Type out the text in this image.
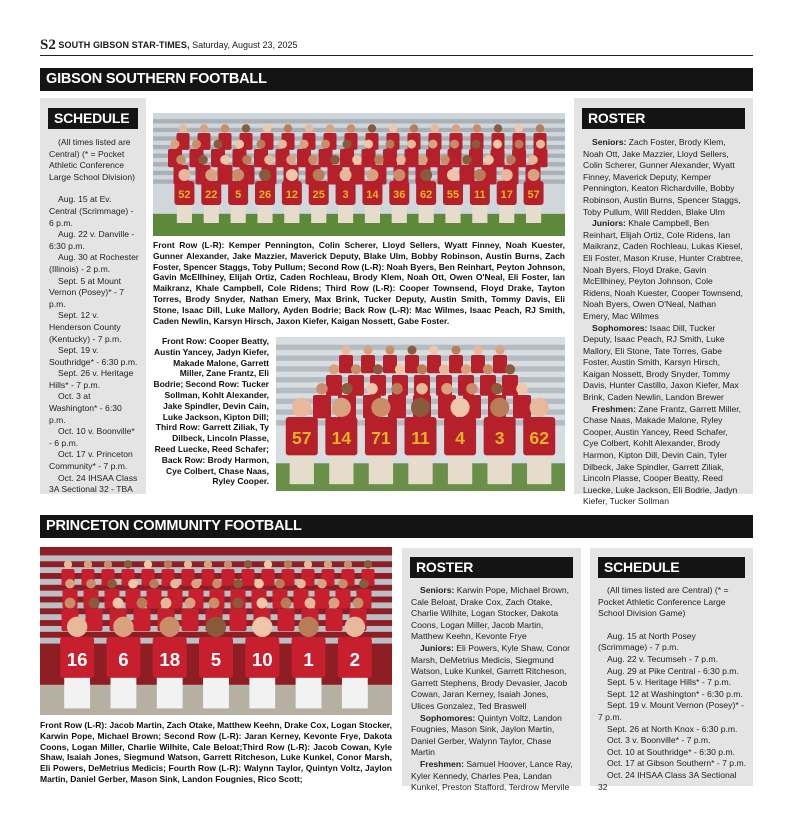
S2 SOUTH GIBSON STAR-TIMES, Saturday, August 23, 2025
GIBSON SOUTHERN FOOTBALL
SCHEDULE

(All times listed are Central) (* = Pocket Athletic Conference Large School Division)

Aug. 15 at Ev. Central (Scrimmage) - 6 p.m.

Aug. 22 v. Danville - 6:30 p.m.

Aug. 30 at Rochester (Illinois) - 2 p.m.

Sept. 5 at Mount Vernon (Posey)* - 7 p.m.

Sept. 12 v. Henderson County (Kentucky) - 7 p.m.

Sept. 19 v. Southridge* - 6:30 p.m.

Sept. 26 v. Heritage Hills* - 7 p.m.

Oct. 3 at Washington* - 6:30 p.m.

Oct. 10 v. Boonville* - 6 p.m.

Oct. 17 v. Princeton Community* - 7 p.m.

Oct. 24 IHSAA Class 3A Sectional 32 - TBA

52 22 5 26 12 25 3 14 36 62 55 11 17 57
Front Row (L-R): Kemper Pennington, Colin Scherer, Lloyd Sellers, Wyatt Finney, Noah Kuester, Gunner Alexander, Jake Mazzier, Maverick Deputy, Blake Ulm, Bobby Robinson, Austin Burns, Zach Foster, Spencer Staggs, Toby Pullum; Second Row (L-R): Noah Byers, Ben Reinhart, Peyton Johnson, Gavin McEllhiney, Elijah Ortiz, Caden Rochleau, Brody Klem, Noah Ott, Owen O'Neal, Eli Foster, Ian Maikranz, Khale Campbell, Cole Ridens; Third Row (L-R): Cooper Townsend, Floyd Drake, Tayton Torres, Brody Snyder, Nathan Emery, Max Brink, Tucker Deputy, Austin Smith, Tommy Davis, Eli Stone, Isaac Dill, Luke Mallory, Ayden Bodrie; Back Row (L-R): Mac Wilmes, Isaac Peach, RJ Smith, Caden Newlin, Karsyn Hirsch, Jaxon Kiefer, Kaigan Nossett, Gabe Foster.
Front Row: Cooper Beatty, Austin Yancey, Jadyn Kiefer, Makade Malone, Garrett Miller, Zane Frantz, Eli Bodrie; Second Row: Tucker Sollman, Kohlt Alexander, Jake Spindler, Devin Cain, Luke Jackson, Kipton Dill; Third Row: Garrett Ziliak, Ty Dilbeck, Lincoln Plasse, Reed Luecke, Reed Schafer; Back Row: Brody Harmon, Cye Colbert, Chase Naas, Ryley Cooper.
57 14 71 11 4 3 62
ROSTER

Seniors: Zach Foster, Brody Klem, Noah Ott, Jake Mazzier, Lloyd Sellers, Colin Scherer, Gunner Alexander, Wyatt Finney, Maverick Deputy, Kemper Pennington, Keaton Richardville, Bobby Robinson, Austin Burns, Spencer Staggs, Toby Pullum, Will Redden, Blake Ulm

Juniors: Khale Campbell, Ben Reinhart, Elijah Ortiz, Cole Ridens, Ian Maikranz, Caden Rochleau, Lukas Kiesel, Eli Foster, Mason Kruse, Hunter Crabtree, Noah Byers, Floyd Drake, Gavin McEllhiney, Peyton Johnson, Cole Ridens, Noah Kuester, Cooper Townsend, Noah Byers, Owen O'Neal, Nathan Emery, Mac Wilmes

Sophomores: Isaac Dill, Tucker Deputy, Isaac Peach, RJ Smith, Luke Mallory, Eli Stone, Tate Torres, Gabe Foster, Austin Smith, Karsyn Hirsch, Kaigan Nossett, Brody Snyder, Tommy Davis, Hunter Castillo, Jaxon Kiefer, Max Brink, Caden Newlin, Landon Brewer

Freshmen: Zane Frantz, Garrett Miller, Chase Naas, Makade Malone, Ryley Cooper, Austin Yancey, Reed Schafer, Cye Colbert, Kohlt Alexander, Brody Harmon, Kipton Dill, Devin Cain, Tyler Dilbeck, Jake Spindler, Garrett Ziliak, Lincoln Plasse, Cooper Beatty, Reed Luecke, Luke Jackson, Eli Bodrie, Jadyn Kiefer, Tucker Sollman

PRINCETON COMMUNITY FOOTBALL
16 6 18 5 10 1 2
Front Row (L-R): Jacob Martin, Zach Otake, Matthew Keehn, Drake Cox, Logan Stocker, Karwin Pope, Michael Brown; Second Row (L-R): Jaran Kerney, Kevonte Frye, Dakota Coons, Logan Miller, Charlie Wilhite, Cale Beloat;Third Row (L-R): Jacob Cowan, Kyle Shaw, Isaiah Jones, Siegmund Watson, Garrett Ritcheson, Luke Kunkel, Conor Marsh, Eli Powers, DeMetrius Medicis; Fourth Row (L-R): Walynn Taylor, Quintyn Voltz, Jaylon Martin, Daniel Gerber, Mason Sink, Landon Fougnies, Rico Scott;
ROSTER

Seniors: Karwin Pope, Michael Brown, Cale Beloat, Drake Cox, Zach Otake, Charlie Wilhite, Logan Stocker, Dakota Coons, Logan Miller, Jacob Martin, Matthew Keehn, Kevonte Frye

Juniors: Eli Powers, Kyle Shaw, Conor Marsh, DeMetrius Medicis, Siegmund Watson, Luke Kunkel, Garrett Ritcheson, Garrett Stephens, Brody Devasier, Jacob Cowan, Jaran Kerney, Isaiah Jones, Ulices Gonzalez, Ted Braswell

Sophomores: Quintyn Voltz, Landon Fougnies, Mason Sink, Jaylon Martin, Daniel Gerber, Walynn Taylor, Chase Martin

Freshmen: Samuel Hoover, Lance Ray, Kyler Kennedy, Charles Pea, Landan Kunkel, Preston Stafford, Terdrow Mervile

SCHEDULE

(All times listed are Central) (* = Pocket Athletic Conference Large School Division Game)

Aug. 15 at North Posey (Scrimmage) - 7 p.m.

Aug. 22 v. Tecumseh - 7 p.m.

Aug. 29 at Pike Central - 6:30 p.m.

Sept. 5 v. Heritage Hills* - 7 p.m.

Sept. 12 at Washington* - 6:30 p.m.

Sept. 19 v. Mount Vernon (Posey)* - 7 p.m.

Sept. 26 at North Knox - 6:30 p.m.

Oct. 3 v. Boonville* - 7 p.m.

Oct. 10 at Southridge* - 6:30 p.m.

Oct. 17 at Gibson Southern* - 7 p.m.

Oct. 24 IHSAA Class 3A Sectional 32
